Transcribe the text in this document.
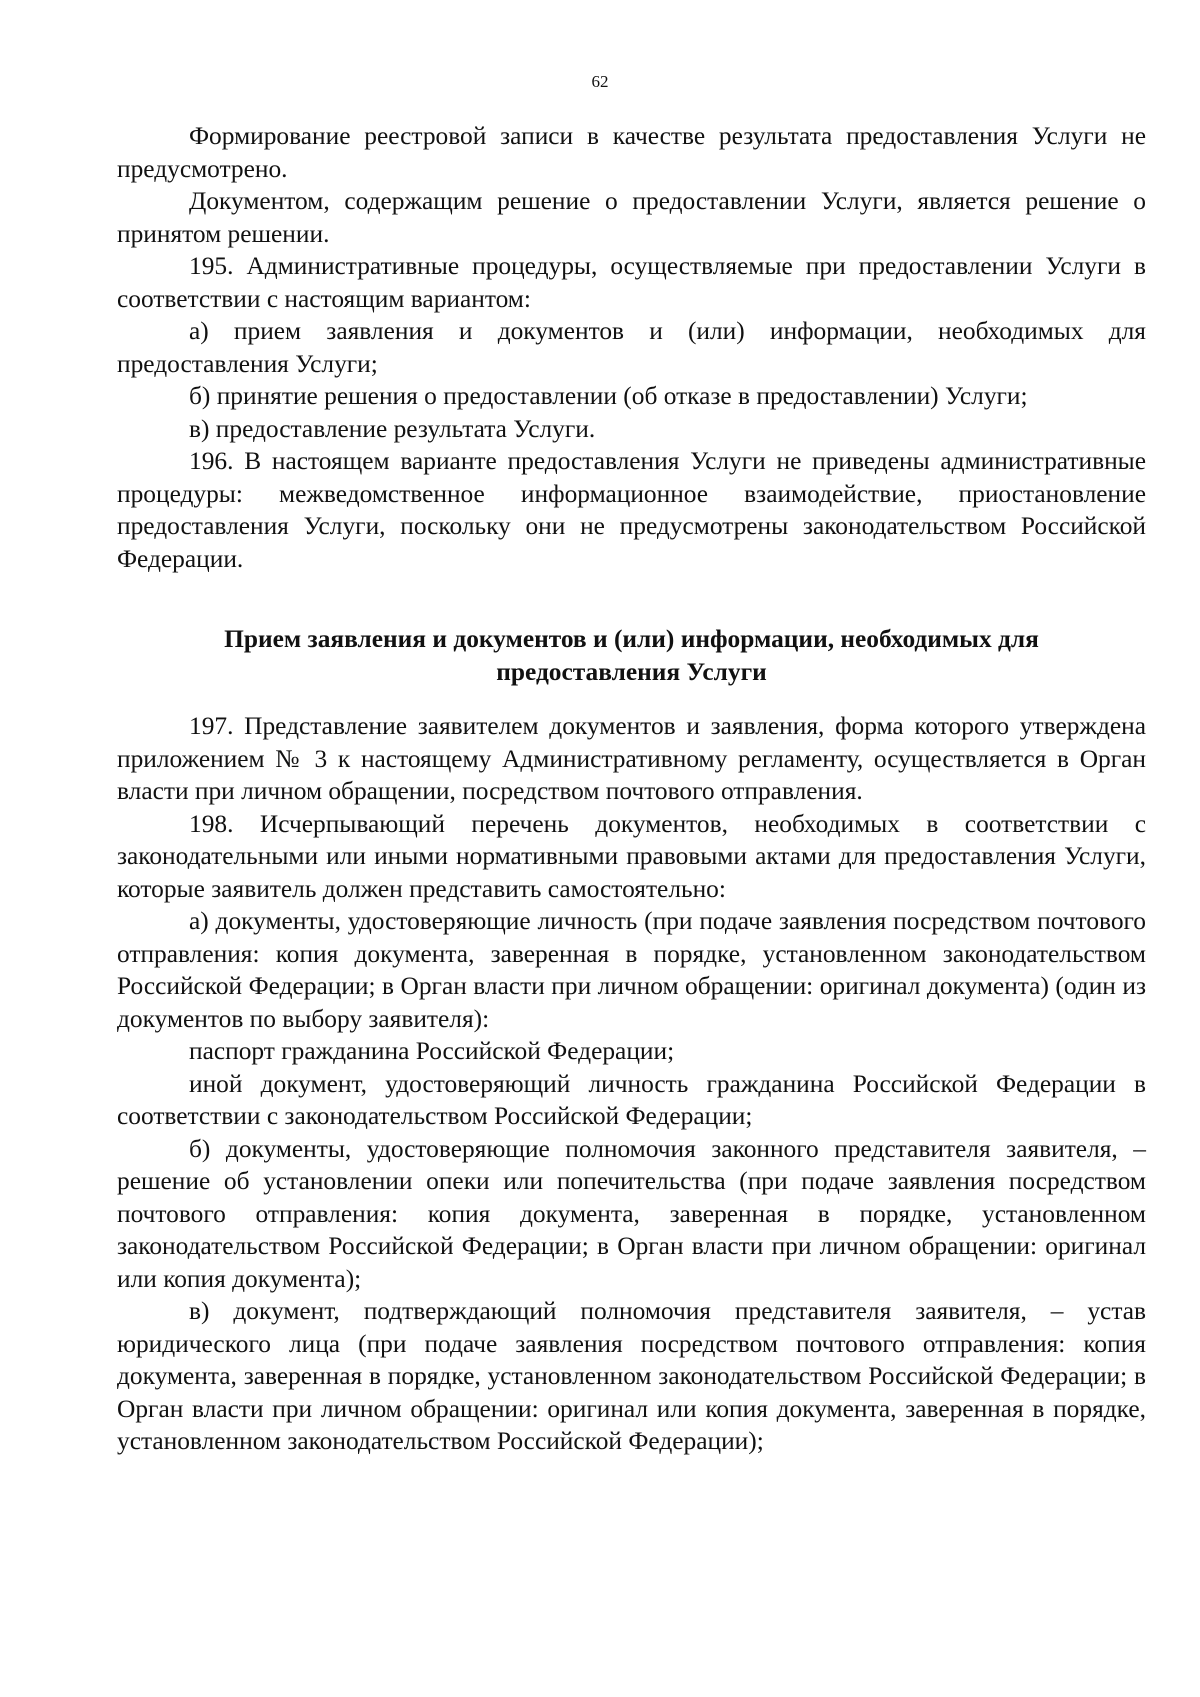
62

Формирование реестровой записи в качестве результата предоставления Услуги не предусмотрено.

Документом, содержащим решение о предоставлении Услуги, является решение о принятом решении.

195. Административные процедуры, осуществляемые при предоставлении Услуги в соответствии с настоящим вариантом:

а) прием заявления и документов и (или) информации, необходимых для предоставления Услуги;

б) принятие решения о предоставлении (об отказе в предоставлении) Услуги;

в) предоставление результата Услуги.

196. В настоящем варианте предоставления Услуги не приведены административные процедуры: межведомственное информационное взаимодействие, приостановление предоставления Услуги, поскольку они не предусмотрены законодательством Российской Федерации.

Прием заявления и документов и (или) информации, необходимых для
предоставления Услуги

197. Представление заявителем документов и заявления, форма которого утверждена приложением № 3 к настоящему Административному регламенту, осуществляется в Орган власти при личном обращении, посредством почтового отправления.

198. Исчерпывающий перечень документов, необходимых в соответствии с законодательными или иными нормативными правовыми актами для предоставления Услуги, которые заявитель должен представить самостоятельно:

а) документы, удостоверяющие личность (при подаче заявления посредством почтового отправления: копия документа, заверенная в порядке, установленном законодательством Российской Федерации; в Орган власти при личном обращении: оригинал документа) (один из документов по выбору заявителя):

паспорт гражданина Российской Федерации;

иной документ, удостоверяющий личность гражданина Российской Федерации в соответствии с законодательством Российской Федерации;

б) документы, удостоверяющие полномочия законного представителя заявителя, – решение об установлении опеки или попечительства (при подаче заявления посредством почтового отправления: копия документа, заверенная в порядке, установленном законодательством Российской Федерации; в Орган власти при личном обращении: оригинал или копия документа);

в) документ, подтверждающий полномочия представителя заявителя, – устав юридического лица (при подаче заявления посредством почтового отправления: копия документа, заверенная в порядке, установленном законодательством Российской Федерации; в Орган власти при личном обращении: оригинал или копия документа, заверенная в порядке, установленном законодательством Российской Федерации);
